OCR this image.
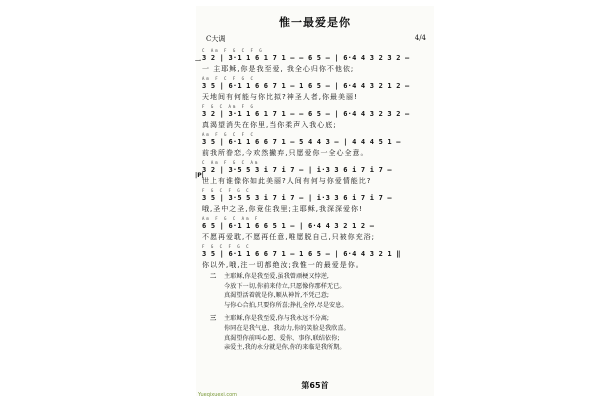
惟一最爱是你
C大调	4/4
C Am F G C F G
3 2 | 3·1 1 6 1 7 1 — — 6 5 — | 6·4 4 3 2 3 2 —
一 主耶稣,你是我至爱, 我全心归你不他依;
一
Am F C F G C
3 5 | 6·1 1 6 6 7 1 — 1 6 5 — | 6·4 4 3 2 1 2 —
天地间有何能与你比拟?神圣人者,你最美丽!
F G C Am F G
3 2 | 3·1 1 6 1 7 1 — — 6 5 — | 6·4 4 3 2 3 2 —
真渴望消失在你里,当你柔声入我心底;
Am F G C F C
3 5 | 6·1 1 6 6 7 1 — 5 4 4 3 — | 4 4 4 5 1 —
前我所眷恋,今欢然撇弃,只愿爱你一全心全意。
C Am F G C Am
3 2 | 3·5 5 3 i 7 i 7 — | i·3 3 6 i 7 i 7 —
世上有谁像你如此美丽?人间有何与你爱情能比?
|P|
F G C F G C
3 5 | 3·5 5 3 i 7 i 7 — | i·3 3 6 i 7 i 7 —
哦,圣中之圣,你竟住我里;主耶稣,我深深爱你!
Am F G C Am F
6 5 | 6·1 1 6 6 5 1 — | 6·4 4 3 2 1 2 —
不愿再爱耽,不愿再任意,唯愿脱自己,只被你充浴;
F G C F G C
3 5 | 6·1 1 6 6 7 1 — 1 6 5 — | 6·4 4 3 2 1 ‖
你以外,哦,注一切都绝汝;我惟一的最爱是你。
二 主耶稣,你是我至爱,虽我曾顽梗又悖逆,
今放下一切,你前来侍立,只愿像你那样无已。
真渴望活着就是你,顺从神旨,不凭己意;
与你心合拍,只要你所喜;挣扎全停,尽是安息。
三 主耶稣,你是我至爱,你与我永远不分离;
你同在是我气息、我动力,你的笑脸是我欣喜。
真渴望你前叫心愿、爱你、事你,联结依你;
亲爱主,我的永分就是你,你的来临是我所期。
第65首
Yueqixuexi.com
